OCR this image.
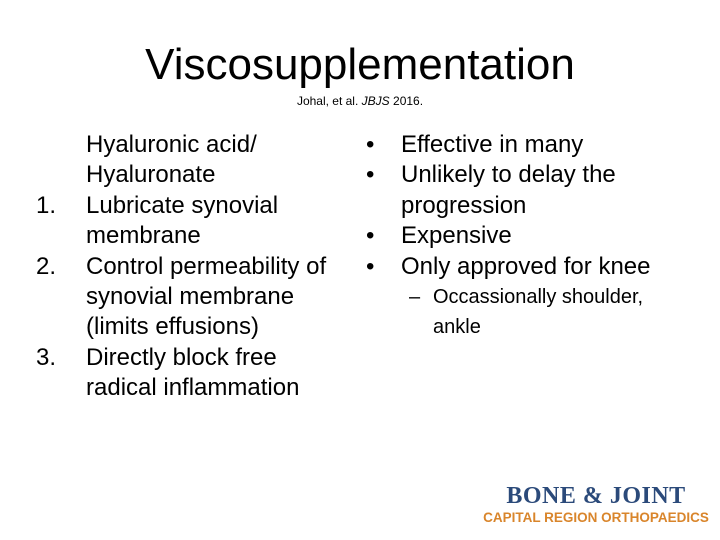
Viscosupplementation
Johal, et al. JBJS 2016.
Hyaluronic acid/ Hyaluronate
1. Lubricate synovial membrane
2. Control permeability of synovial membrane (limits effusions)
3. Directly block free radical inflammation
• Effective in many
• Unlikely to delay the progression
• Expensive
• Only approved for knee
– Occassionally shoulder, ankle
BONE & JOINT
CAPITAL REGION ORTHOPAEDICS
